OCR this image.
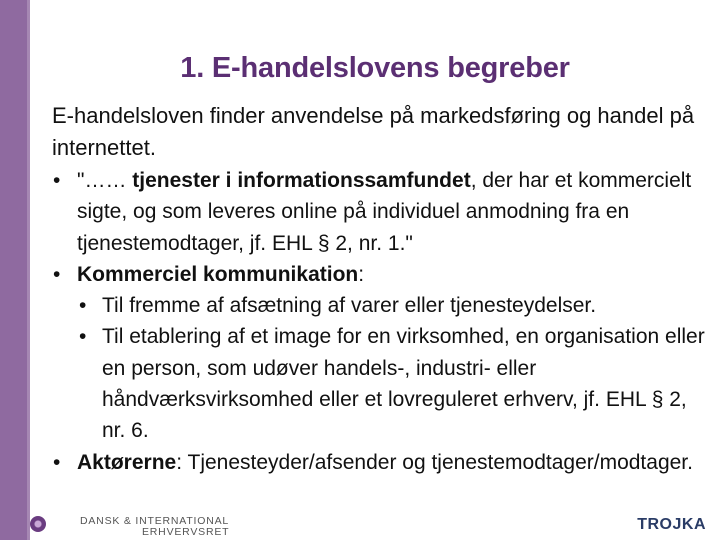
1. E-handelslovens begreber
E-handelsloven finder anvendelse på markedsføring og handel på internettet.
• "…… tjenester i informationssamfundet, der har et kommercielt sigte, og som leveres online på individuel anmodning fra en tjenestemodtager, jf. EHL § 2, nr. 1."
• Kommerciel kommunikation:
• Til fremme af afsætning af varer eller tjenesteydelser.
• Til etablering af et image for en virksomhed, en organisation eller en person, som udøver handels-, industri- eller håndværksvirksomhed eller et lovreguleret erhverv, jf. EHL § 2, nr. 6.
• Aktørerne: Tjenesteyder/afsender og tjenestemodtager/modtager.
DANSK & INTERNATIONAL
ERHVERVSRET	TROJKA
